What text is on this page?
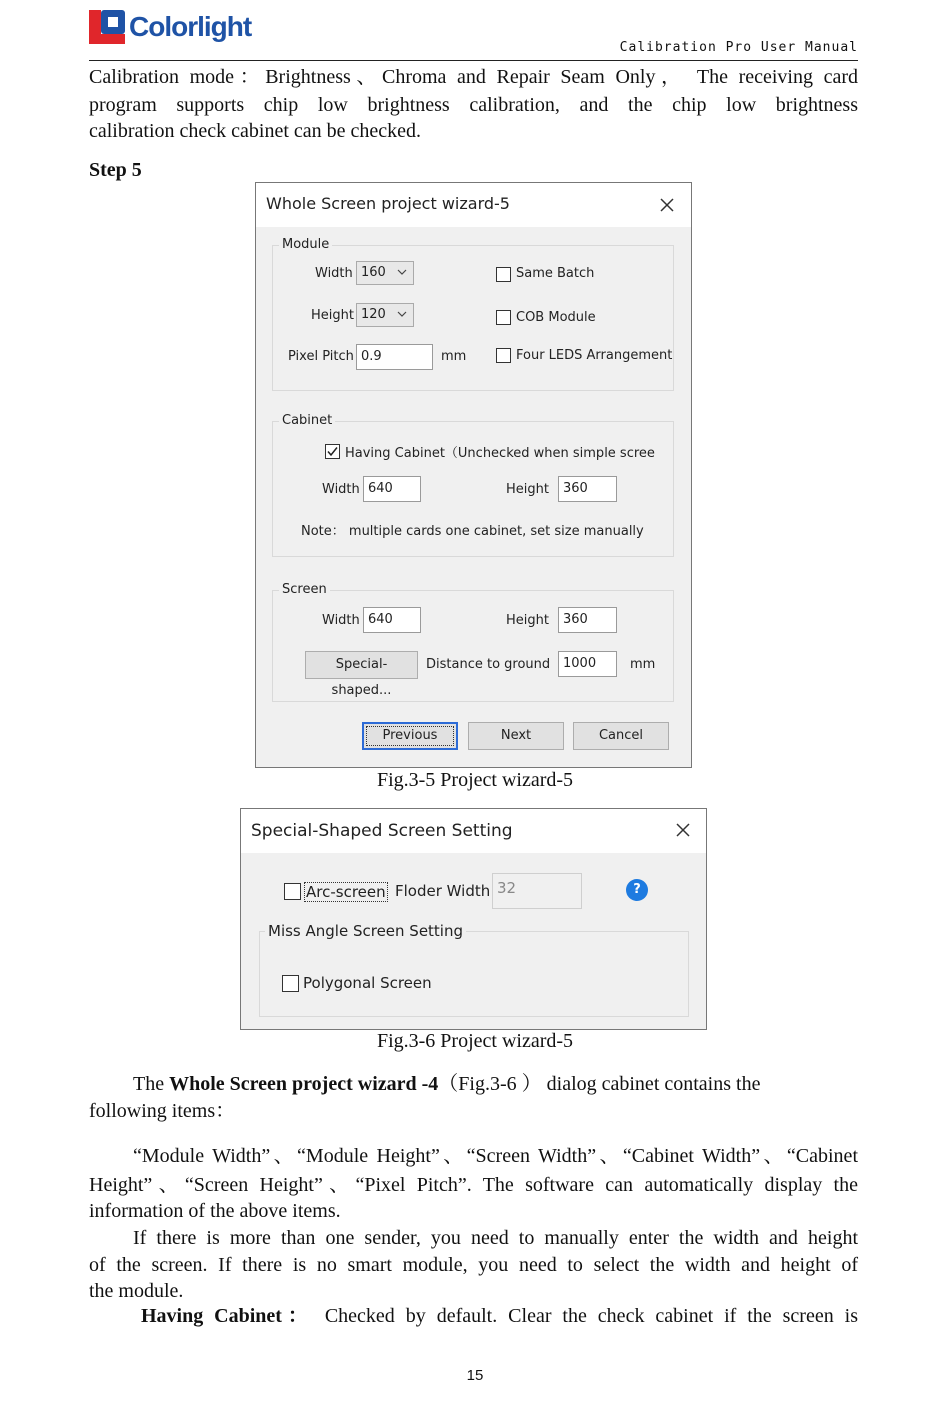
Colorlight
Calibration Pro User Manual
Calibration mode：Brightness、Chroma and Repair Seam Only， The receiving card
program supports chip low brightness calibration, and the chip low brightness
calibration check cabinet can be checked.
Step 5
Whole Screen project wizard-5
Module
Width 160
Height 120
Pixel Pitch 0.9	mm
Same Batch
COB Module
Four LEDS Arrangement
Cabinet
Having Cabinet（Unchecked when simple scree
Width 640	Height	360
Note： multiple cards one cabinet, set size manually
Screen
Width 640	Height	360
Special-shaped...
Distance to ground 1000	mm
Previous	Next	Cancel
Fig.3-5 Project wizard-5
Special-Shaped Screen Setting
Arc-screen Floder Width 32	?
Miss Angle Screen Setting
Polygonal Screen
Fig.3-6 Project wizard-5
The Whole Screen project wizard -4（Fig.3-6 ） dialog cabinet contains the
following items：
“Module Width”、“Module Height”、“Screen Width”、“Cabinet Width”、“Cabinet
Height”、“Screen Height”、“Pixel Pitch”. The software can automatically display the
information of the above items.
If there is more than one sender, you need to manually enter the width and height
of the screen. If there is no smart module, you need to select the width and height of
the module.
Having Cabinet： Checked by default. Clear the check cabinet if the screen is
15
